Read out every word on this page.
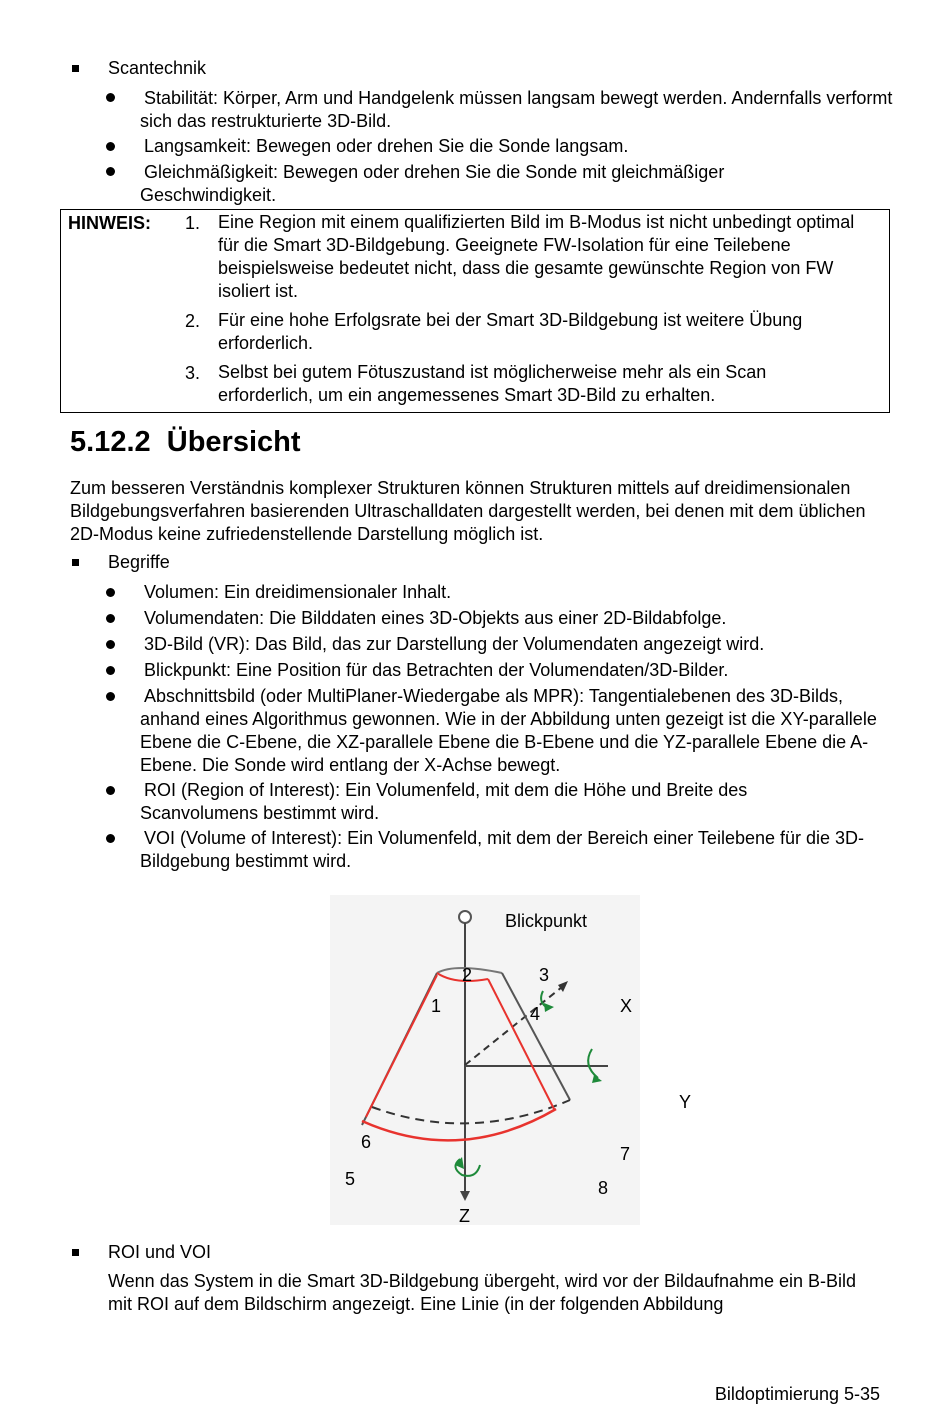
Scantechnik
Stabilität: Körper, Arm und Handgelenk müssen langsam bewegt werden. Andernfalls verformt sich das restrukturierte 3D-Bild.
Langsamkeit: Bewegen oder drehen Sie die Sonde langsam.
Gleichmäßigkeit: Bewegen oder drehen Sie die Sonde mit gleichmäßiger Geschwindigkeit.
HINWEIS: 1. Eine Region mit einem qualifizierten Bild im B-Modus ist nicht unbedingt optimal für die Smart 3D-Bildgebung. Geeignete FW-Isolation für eine Teilebene beispielsweise bedeutet nicht, dass die gesamte gewünschte Region von FW isoliert ist.
2. Für eine hohe Erfolgsrate bei der Smart 3D-Bildgebung ist weitere Übung erforderlich.
3. Selbst bei gutem Fötuszustand ist möglicherweise mehr als ein Scan erforderlich, um ein angemessenes Smart 3D-Bild zu erhalten.
5.12.2 Übersicht
Zum besseren Verständnis komplexer Strukturen können Strukturen mittels auf dreidimensionalen Bildgebungsverfahren basierenden Ultraschalldaten dargestellt werden, bei denen mit dem üblichen 2D-Modus keine zufriedenstellende Darstellung möglich ist.
Begriffe
Volumen: Ein dreidimensionaler Inhalt.
Volumendaten: Die Bilddaten eines 3D-Objekts aus einer 2D-Bildabfolge.
3D-Bild (VR): Das Bild, das zur Darstellung der Volumendaten angezeigt wird.
Blickpunkt: Eine Position für das Betrachten der Volumendaten/3D-Bilder.
Abschnittsbild (oder MultiPlaner-Wiedergabe als MPR): Tangentialebenen des 3D-Bilds, anhand eines Algorithmus gewonnen. Wie in der Abbildung unten gezeigt ist die XY-parallele Ebene die C-Ebene, die XZ-parallele Ebene die B-Ebene und die YZ-parallele Ebene die A-Ebene. Die Sonde wird entlang der X-Achse bewegt.
ROI (Region of Interest): Ein Volumenfeld, mit dem die Höhe und Breite des Scanvolumens bestimmt wird.
VOI (Volume of Interest): Ein Volumenfeld, mit dem der Bereich einer Teilebene für die 3D-Bildgebung bestimmt wird.
Blickpunkt
2	3
1	4	X
Y
6
7
5	8
Z
ROI und VOI
Wenn das System in die Smart 3D-Bildgebung übergeht, wird vor der Bildaufnahme ein B-Bild mit ROI auf dem Bildschirm angezeigt. Eine Linie (in der folgenden Abbildung
Bildoptimierung 5-35
